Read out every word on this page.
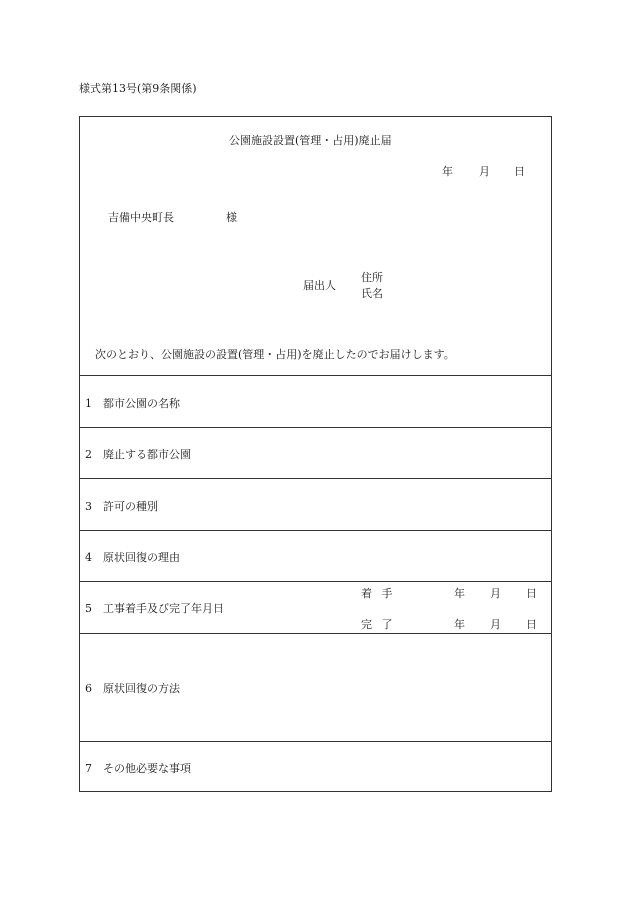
様式第13号(第9条関係)
公園施設設置(管理・占用)廃止届
年 月 日
吉備中央町長	様
届出人
住所
氏名
次のとおり、公園施設の設置(管理・占用)を廃止したのでお届けします。
1 都市公園の名称
2 廃止する都市公園
3 許可の種別
4 原状回復の理由
5 工事着手及び完了年月日
着 手	年 月 日
完 了	年 月 日
6 原状回復の方法
7 その他必要な事項
